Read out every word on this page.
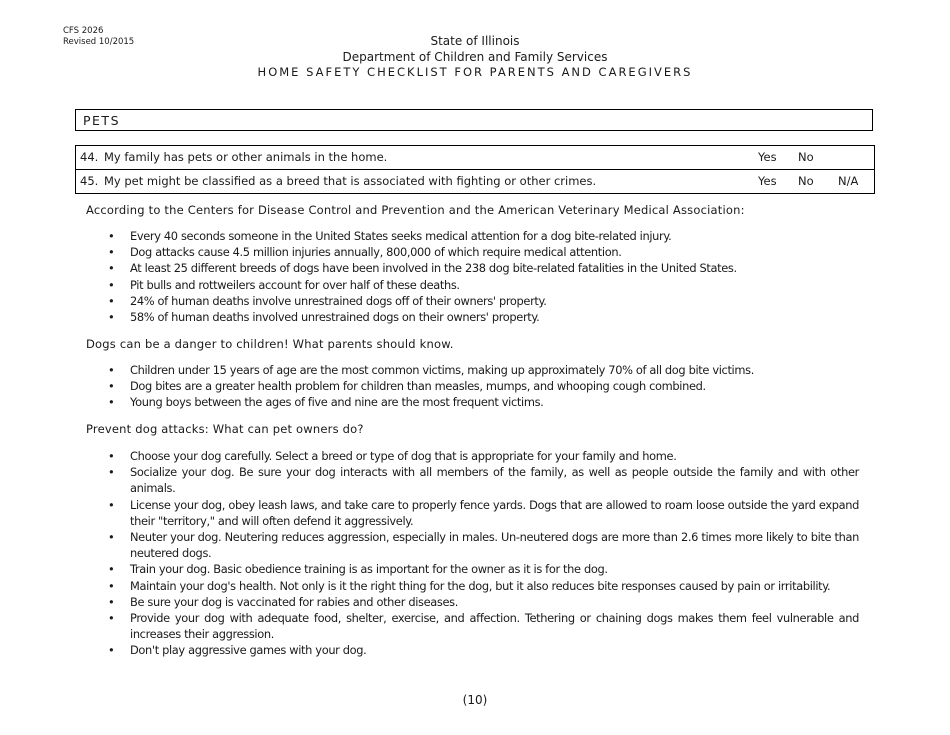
CFS 2026
Revised 10/2015	State of Illinois
Department of Children and Family Services
HOME SAFETY CHECKLIST FOR PARENTS AND CAREGIVERS
PETS
44. My family has pets or other animals in the home.	Yes No
45. My pet might be classified as a breed that is associated with fighting or other crimes.	Yes No N/A
According to the Centers for Disease Control and Prevention and the American Veterinary Medical Association:
• Every 40 seconds someone in the United States seeks medical attention for a dog bite-related injury.
• Dog attacks cause 4.5 million injuries annually, 800,000 of which require medical attention.
• At least 25 different breeds of dogs have been involved in the 238 dog bite-related fatalities in the United States.
• Pit bulls and rottweilers account for over half of these deaths.
• 24% of human deaths involve unrestrained dogs off of their owners' property.
• 58% of human deaths involved unrestrained dogs on their owners' property.
Dogs can be a danger to children! What parents should know.
• Children under 15 years of age are the most common victims, making up approximately 70% of all dog bite victims.
• Dog bites are a greater health problem for children than measles, mumps, and whooping cough combined.
• Young boys between the ages of five and nine are the most frequent victims.
Prevent dog attacks: What can pet owners do?
• Choose your dog carefully. Select a breed or type of dog that is appropriate for your family and home.
• Socialize your dog. Be sure your dog interacts with all members of the family, as well as people outside the family and with other animals.
• License your dog, obey leash laws, and take care to properly fence yards. Dogs that are allowed to roam loose outside the yard expand their "territory," and will often defend it aggressively.
• Neuter your dog. Neutering reduces aggression, especially in males. Un-neutered dogs are more than 2.6 times more likely to bite than neutered dogs.
• Train your dog. Basic obedience training is as important for the owner as it is for the dog.
• Maintain your dog's health. Not only is it the right thing for the dog, but it also reduces bite responses caused by pain or irritability.
• Be sure your dog is vaccinated for rabies and other diseases.
• Provide your dog with adequate food, shelter, exercise, and affection. Tethering or chaining dogs makes them feel vulnerable and increases their aggression.
• Don't play aggressive games with your dog.
(10)
